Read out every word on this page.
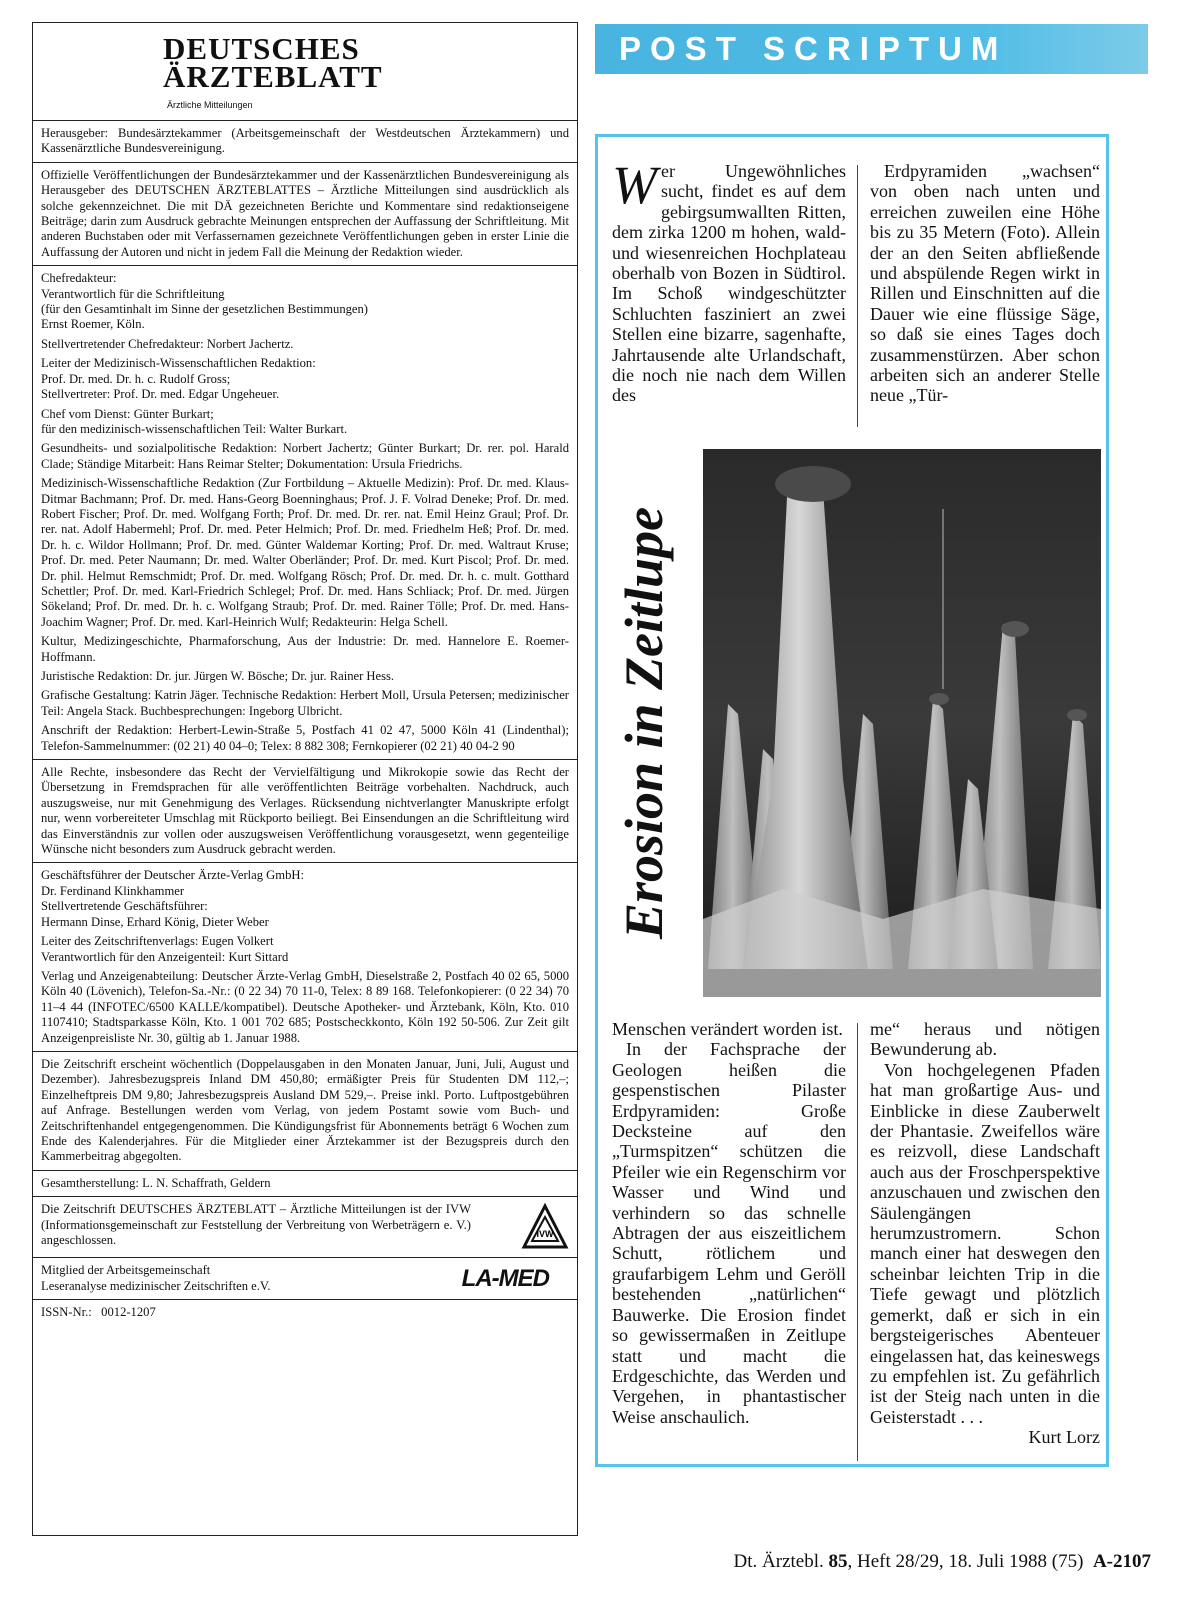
DEUTSCHES
ÄRZTEBLATT
Ärztliche Mitteilungen

Herausgeber: Bundesärztekammer (Arbeitsgemeinschaft der Westdeutschen Ärztekammern) und Kassenärztliche Bundesvereinigung.

Offizielle Veröffentlichungen der Bundesärztekammer und der Kassenärztlichen Bundesvereinigung als Herausgeber des DEUTSCHEN ÄRZTEBLATTES – Ärztliche Mitteilungen sind ausdrücklich als solche gekennzeichnet. Die mit DÄ gezeichneten Berichte und Kommentare sind redaktionseigene Beiträge; darin zum Ausdruck gebrachte Meinungen entsprechen der Auffassung der Schriftleitung. Mit anderen Buchstaben oder mit Verfassernamen gezeichnete Veröffentlichungen geben in erster Linie die Auffassung der Autoren und nicht in jedem Fall die Meinung der Redaktion wieder.

Chefredakteur:
Verantwortlich für die Schriftleitung
(für den Gesamtinhalt im Sinne der gesetzlichen Bestimmungen)
Ernst Roemer, Köln.

Stellvertretender Chefredakteur: Norbert Jachertz.

Leiter der Medizinisch-Wissenschaftlichen Redaktion:
Prof. Dr. med. Dr. h. c. Rudolf Gross;
Stellvertreter: Prof. Dr. med. Edgar Ungeheuer.

Chef vom Dienst: Günter Burkart;
für den medizinisch-wissenschaftlichen Teil: Walter Burkart.

Gesundheits- und sozialpolitische Redaktion: Norbert Jachertz; Günter Burkart; Dr. rer. pol. Harald Clade; Ständige Mitarbeit: Hans Reimar Stelter; Dokumentation: Ursula Friedrichs.

Medizinisch-Wissenschaftliche Redaktion (Zur Fortbildung – Aktuelle Medizin): Prof. Dr. med. Klaus-Ditmar Bachmann; Prof. Dr. med. Hans-Georg Boenninghaus; Prof. J. F. Volrad Deneke; Prof. Dr. med. Robert Fischer; Prof. Dr. med. Wolfgang Forth; Prof. Dr. med. Dr. rer. nat. Emil Heinz Graul; Prof. Dr. rer. nat. Adolf Habermehl; Prof. Dr. med. Peter Helmich; Prof. Dr. med. Friedhelm Heß; Prof. Dr. med. Dr. h. c. Wildor Hollmann; Prof. Dr. med. Günter Waldemar Korting; Prof. Dr. med. Waltraut Kruse; Prof. Dr. med. Peter Naumann; Dr. med. Walter Oberländer; Prof. Dr. med. Kurt Piscol; Prof. Dr. med. Dr. phil. Helmut Remschmidt; Prof. Dr. med. Wolfgang Rösch; Prof. Dr. med. Dr. h. c. mult. Gotthard Schettler; Prof. Dr. med. Karl-Friedrich Schlegel; Prof. Dr. med. Hans Schliack; Prof. Dr. med. Jürgen Sökeland; Prof. Dr. med. Dr. h. c. Wolfgang Straub; Prof. Dr. med. Rainer Tölle; Prof. Dr. med. Hans-Joachim Wagner; Prof. Dr. med. Karl-Heinrich Wulf; Redakteurin: Helga Schell.

Kultur, Medizingeschichte, Pharmaforschung, Aus der Industrie: Dr. med. Hannelore E. Roemer-Hoffmann.

Juristische Redaktion: Dr. jur. Jürgen W. Bösche; Dr. jur. Rainer Hess.

Grafische Gestaltung: Katrin Jäger. Technische Redaktion: Herbert Moll, Ursula Petersen; medizinischer Teil: Angela Stack. Buchbesprechungen: Ingeborg Ulbricht.

Anschrift der Redaktion: Herbert-Lewin-Straße 5, Postfach 41 02 47, 5000 Köln 41 (Lindenthal); Telefon-Sammelnummer: (02 21) 40 04–0; Telex: 8 882 308; Fernkopierer (02 21) 40 04-2 90

Alle Rechte, insbesondere das Recht der Vervielfältigung und Mikrokopie sowie das Recht der Übersetzung in Fremdsprachen für alle veröffentlichten Beiträge vorbehalten. Nachdruck, auch auszugsweise, nur mit Genehmigung des Verlages. Rücksendung nichtverlangter Manuskripte erfolgt nur, wenn vorbereiteter Umschlag mit Rückporto beiliegt. Bei Einsendungen an die Schriftleitung wird das Einverständnis zur vollen oder auszugsweisen Veröffentlichung vorausgesetzt, wenn gegenteilige Wünsche nicht besonders zum Ausdruck gebracht werden.

Geschäftsführer der Deutscher Ärzte-Verlag GmbH:
Dr. Ferdinand Klinkhammer
Stellvertretende Geschäftsführer:
Hermann Dinse, Erhard König, Dieter Weber

Leiter des Zeitschriftenverlags: Eugen Volkert
Verantwortlich für den Anzeigenteil: Kurt Sittard

Verlag und Anzeigenabteilung: Deutscher Ärzte-Verlag GmbH, Dieselstraße 2, Postfach 40 02 65, 5000 Köln 40 (Lövenich), Telefon-Sa.-Nr.: (0 22 34) 70 11-0, Telex: 8 89 168. Telefonkopierer: (0 22 34) 70 11–4 44 (INFOTEC/6500 KALLE/kompatibel). Deutsche Apotheker- und Ärztebank, Köln, Kto. 010 1107410; Stadtsparkasse Köln, Kto. 1 001 702 685; Postscheckkonto, Köln 192 50-506. Zur Zeit gilt Anzeigenpreisliste Nr. 30, gültig ab 1. Januar 1988.

Die Zeitschrift erscheint wöchentlich (Doppelausgaben in den Monaten Januar, Juni, Juli, August und Dezember). Jahresbezugspreis Inland DM 450,80; ermäßigter Preis für Studenten DM 112,–; Einzelheftpreis DM 9,80; Jahresbezugspreis Ausland DM 529,–. Preise inkl. Porto. Luftpostgebühren auf Anfrage. Bestellungen werden vom Verlag, von jedem Postamt sowie vom Buch- und Zeitschriftenhandel entgegengenommen. Die Kündigungsfrist für Abonnements beträgt 6 Wochen zum Ende des Kalenderjahres. Für die Mitglieder einer Ärztekammer ist der Bezugspreis durch den Kammerbeitrag abgegolten.

Gesamtherstellung: L. N. Schaffrath, Geldern

Die Zeitschrift DEUTSCHES ÄRZTEBLATT – Ärztliche Mitteilungen ist der IVW (Informationsgemeinschaft zur Feststellung der Verbreitung von Werbeträgern e. V.) angeschlossen.	IVW

Mitglied der Arbeitsgemeinschaft
Leseranalyse medizinischer Zeitschriften e.V.	LA-MED

ISSN-Nr.:   0012-1207

POST SCRIPTUM

Wer Ungewöhnliches sucht, findet es auf dem gebirgsumwallten Ritten, dem zirka 1200 m hohen, wald- und wiesenreichen Hochplateau oberhalb von Bozen in Südtirol. Im Schoß windgeschützter Schluchten fasziniert an zwei Stellen eine bizarre, sagenhafte, Jahrtausende alte Urlandschaft, die noch nie nach dem Willen des

Erdpyramiden „wachsen“ von oben nach unten und erreichen zuweilen eine Höhe bis zu 35 Metern (Foto). Allein der an den Seiten abfließende und abspülende Regen wirkt in Rillen und Einschnitten auf die Dauer wie eine flüssige Säge, so daß sie eines Tages doch zusammenstürzen. Aber schon arbeiten sich an anderer Stelle neue „Tür-

Erosion in Zeitlupe

Menschen verändert worden ist.

In der Fachsprache der Geologen heißen die gespenstischen Pilaster Erdpyramiden: Große Decksteine auf den „Turmspitzen“ schützen die Pfeiler wie ein Regenschirm vor Wasser und Wind und verhindern so das schnelle Abtragen der aus eiszeitlichem Schutt, rötlichem und graufarbigem Lehm und Geröll bestehenden „natürlichen“ Bauwerke. Die Erosion findet so gewissermaßen in Zeitlupe statt und macht die Erdgeschichte, das Werden und Vergehen, in phantastischer Weise anschaulich.

me“ heraus und nötigen Bewunderung ab.

Von hochgelegenen Pfaden hat man großartige Aus- und Einblicke in diese Zauberwelt der Phantasie. Zweifellos wäre es reizvoll, diese Landschaft auch aus der Froschperspektive anzuschauen und zwischen den Säulengängen herumzustromern. Schon manch einer hat deswegen den scheinbar leichten Trip in die Tiefe gewagt und plötzlich gemerkt, daß er sich in ein bergsteigerisches Abenteuer eingelassen hat, das keineswegs zu empfehlen ist. Zu gefährlich ist der Steig nach unten in die Geisterstadt . . .

Kurt Lorz

Dt. Ärztebl. 85, Heft 28/29, 18. Juli 1988 (75) A-2107
